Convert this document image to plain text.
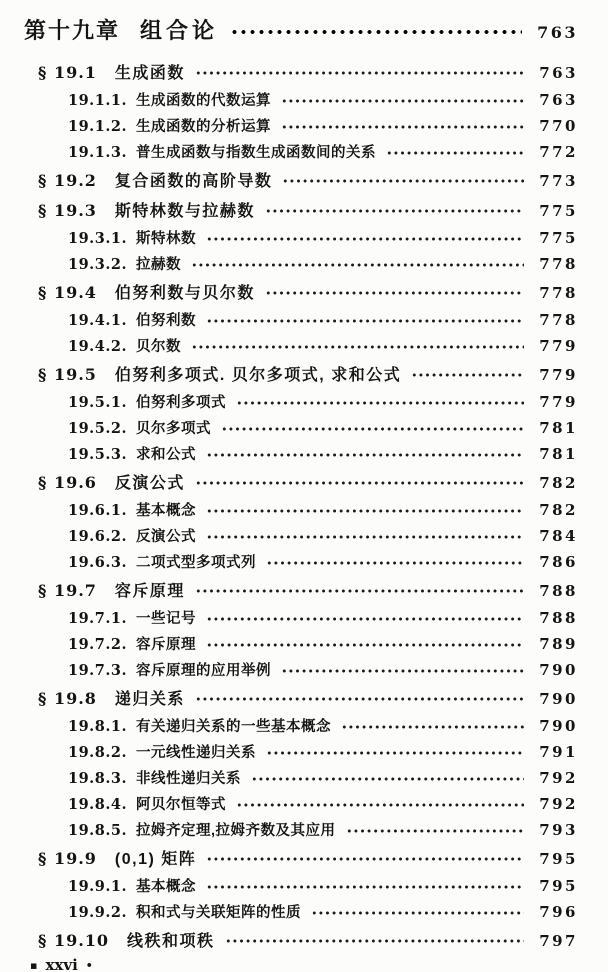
第十九章 组合论	763
§ 19.1 生成函数	763
19.1.1. 生成函数的代数运算	763
19.1.2. 生成函数的分析运算	770
19.1.3. 普生成函数与指数生成函数间的关系	772
§ 19.2 复合函数的高阶导数	773
§ 19.3 斯特林数与拉赫数	775
19.3.1. 斯特林数	775
19.3.2. 拉赫数	778
§ 19.4 伯努利数与贝尔数	778
19.4.1. 伯努利数	778
19.4.2. 贝尔数	779
§ 19.5 伯努利多项式. 贝尔多项式, 求和公式	779
19.5.1. 伯努利多项式	779
19.5.2. 贝尔多项式	781
19.5.3. 求和公式	781
§ 19.6 反演公式	782
19.6.1. 基本概念	782
19.6.2. 反演公式	784
19.6.3. 二项式型多项式列	786
§ 19.7 容斥原理	788
19.7.1. 一些记号	788
19.7.2. 容斥原理	789
19.7.3. 容斥原理的应用举例	790
§ 19.8 递归关系	790
19.8.1. 有关递归关系的一些基本概念	790
19.8.2. 一元线性递归关系	791
19.8.3. 非线性递归关系	792
19.8.4. 阿贝尔恒等式	792
19.8.5. 拉姆齐定理,拉姆齐数及其应用	793
§ 19.9 (0,1) 矩阵	795
19.9.1. 基本概念	795
19.9.2. 积和式与关联矩阵的性质	796
§ 19.10 线秩和项秩	797
▪ xxvi •
